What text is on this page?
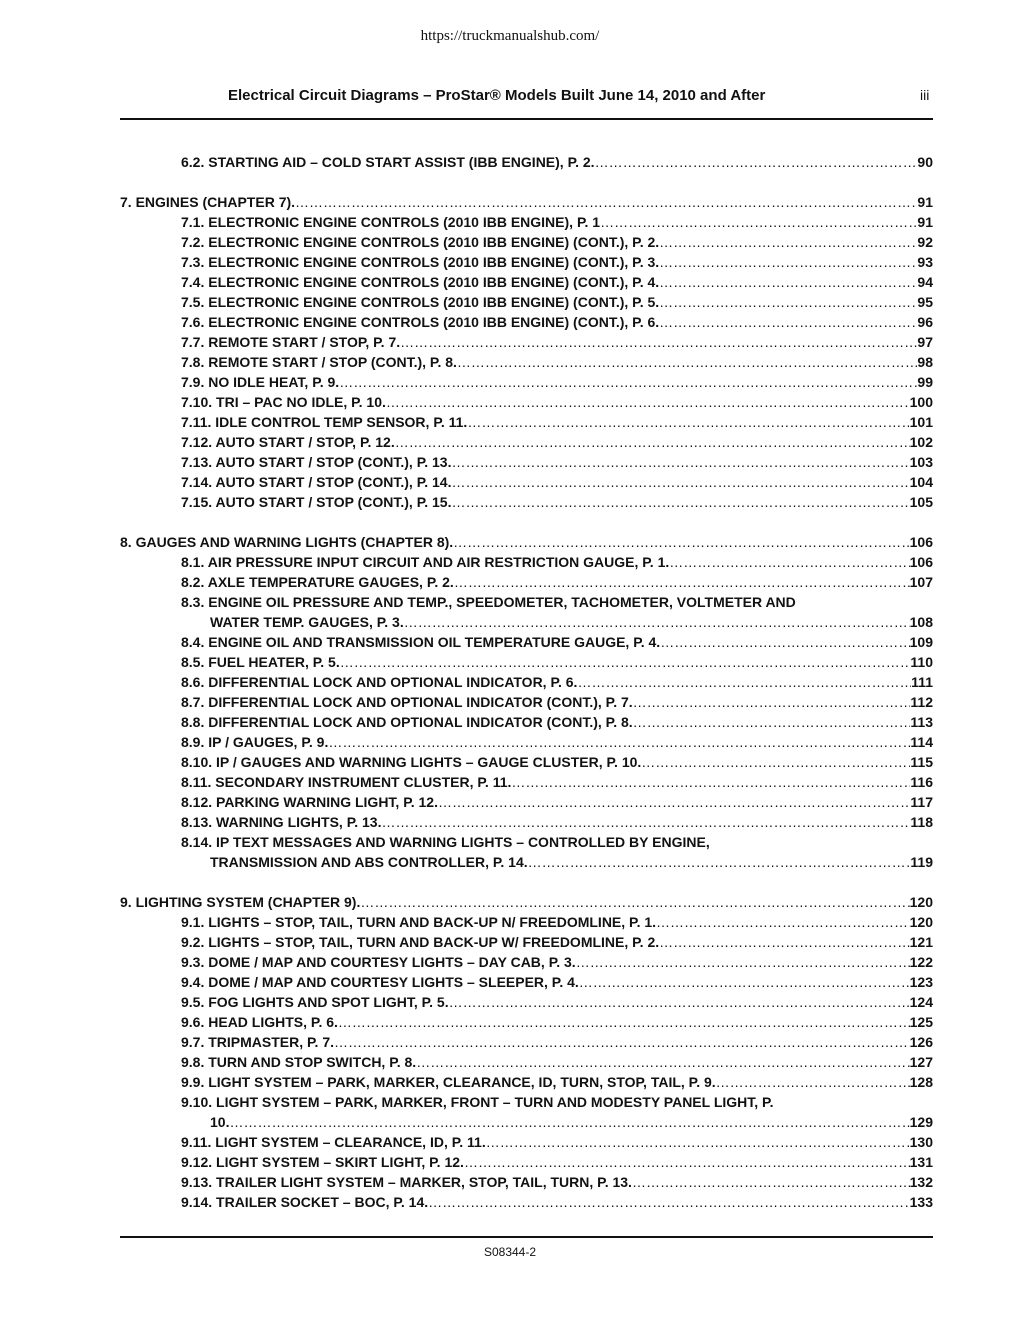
https://truckmanualshub.com/
Electrical Circuit Diagrams – ProStar® Models Built June 14, 2010 and After	iii
6.2. STARTING AID – COLD START ASSIST (IBB ENGINE), P. 2. …………………………………………………………………………………………………………………………………………………………………………………………………………………………………………………………………………	90
7. ENGINES (CHAPTER 7). …………………………………………………………………………………………………………………………………………………………………………………………………………………………………………………………………………	91
7.1. ELECTRONIC ENGINE CONTROLS (2010 IBB ENGINE), P. 1 …………………………………………………………………………………………………………………………………………………………………………………………………………………………………………………………………………	91
7.2. ELECTRONIC ENGINE CONTROLS (2010 IBB ENGINE) (CONT.), P. 2. …………………………………………………………………………………………………………………………………………………………………………………………………………………………………………………………………………	92
7.3. ELECTRONIC ENGINE CONTROLS (2010 IBB ENGINE) (CONT.), P. 3. …………………………………………………………………………………………………………………………………………………………………………………………………………………………………………………………………………	93
7.4. ELECTRONIC ENGINE CONTROLS (2010 IBB ENGINE) (CONT.), P. 4. …………………………………………………………………………………………………………………………………………………………………………………………………………………………………………………………………………	94
7.5. ELECTRONIC ENGINE CONTROLS (2010 IBB ENGINE) (CONT.), P. 5. …………………………………………………………………………………………………………………………………………………………………………………………………………………………………………………………………………	95
7.6. ELECTRONIC ENGINE CONTROLS (2010 IBB ENGINE) (CONT.), P. 6. …………………………………………………………………………………………………………………………………………………………………………………………………………………………………………………………………………	96
7.7. REMOTE START / STOP, P. 7. …………………………………………………………………………………………………………………………………………………………………………………………………………………………………………………………………………	97
7.8. REMOTE START / STOP (CONT.), P. 8. …………………………………………………………………………………………………………………………………………………………………………………………………………………………………………………………………………	98
7.9. NO IDLE HEAT, P. 9. …………………………………………………………………………………………………………………………………………………………………………………………………………………………………………………………………………	99
7.10. TRI – PAC NO IDLE, P. 10. …………………………………………………………………………………………………………………………………………………………………………………………………………………………………………………………………………	100
7.11. IDLE CONTROL TEMP SENSOR, P. 11. …………………………………………………………………………………………………………………………………………………………………………………………………………………………………………………………………………	101
7.12. AUTO START / STOP, P. 12. …………………………………………………………………………………………………………………………………………………………………………………………………………………………………………………………………………	102
7.13. AUTO START / STOP (CONT.), P. 13. …………………………………………………………………………………………………………………………………………………………………………………………………………………………………………………………………………	103
7.14. AUTO START / STOP (CONT.), P. 14. …………………………………………………………………………………………………………………………………………………………………………………………………………………………………………………………………………	104
7.15. AUTO START / STOP (CONT.), P. 15. …………………………………………………………………………………………………………………………………………………………………………………………………………………………………………………………………………	105
8. GAUGES AND WARNING LIGHTS (CHAPTER 8). …………………………………………………………………………………………………………………………………………………………………………………………………………………………………………………………………………	106
8.1. AIR PRESSURE INPUT CIRCUIT AND AIR RESTRICTION GAUGE, P. 1. …………………………………………………………………………………………………………………………………………………………………………………………………………………………………………………………………………	106
8.2. AXLE TEMPERATURE GAUGES, P. 2. …………………………………………………………………………………………………………………………………………………………………………………………………………………………………………………………………………	107
8.3. ENGINE OIL PRESSURE AND TEMP., SPEEDOMETER, TACHOMETER, VOLTMETER AND
WATER TEMP. GAUGES, P. 3. …………………………………………………………………………………………………………………………………………………………………………………………………………………………………………………………………………	108
8.4. ENGINE OIL AND TRANSMISSION OIL TEMPERATURE GAUGE, P. 4. …………………………………………………………………………………………………………………………………………………………………………………………………………………………………………………………………………	109
8.5. FUEL HEATER, P. 5. …………………………………………………………………………………………………………………………………………………………………………………………………………………………………………………………………………	110
8.6. DIFFERENTIAL LOCK AND OPTIONAL INDICATOR, P. 6. …………………………………………………………………………………………………………………………………………………………………………………………………………………………………………………………………………	111
8.7. DIFFERENTIAL LOCK AND OPTIONAL INDICATOR (CONT.), P. 7. …………………………………………………………………………………………………………………………………………………………………………………………………………………………………………………………………………	112
8.8. DIFFERENTIAL LOCK AND OPTIONAL INDICATOR (CONT.), P. 8. …………………………………………………………………………………………………………………………………………………………………………………………………………………………………………………………………………	113
8.9. IP / GAUGES, P. 9. …………………………………………………………………………………………………………………………………………………………………………………………………………………………………………………………………………	114
8.10. IP / GAUGES AND WARNING LIGHTS – GAUGE CLUSTER, P. 10. …………………………………………………………………………………………………………………………………………………………………………………………………………………………………………………………………………	115
8.11. SECONDARY INSTRUMENT CLUSTER, P. 11. …………………………………………………………………………………………………………………………………………………………………………………………………………………………………………………………………………	116
8.12. PARKING WARNING LIGHT, P. 12. …………………………………………………………………………………………………………………………………………………………………………………………………………………………………………………………………………	117
8.13. WARNING LIGHTS, P. 13. …………………………………………………………………………………………………………………………………………………………………………………………………………………………………………………………………………	118
8.14. IP TEXT MESSAGES AND WARNING LIGHTS – CONTROLLED BY ENGINE,
TRANSMISSION AND ABS CONTROLLER, P. 14. …………………………………………………………………………………………………………………………………………………………………………………………………………………………………………………………………………	119
9. LIGHTING SYSTEM (CHAPTER 9). …………………………………………………………………………………………………………………………………………………………………………………………………………………………………………………………………………	120
9.1. LIGHTS – STOP, TAIL, TURN AND BACK-UP N/ FREEDOMLINE, P. 1. …………………………………………………………………………………………………………………………………………………………………………………………………………………………………………………………………………	120
9.2. LIGHTS – STOP, TAIL, TURN AND BACK-UP W/ FREEDOMLINE, P. 2. …………………………………………………………………………………………………………………………………………………………………………………………………………………………………………………………………………	121
9.3. DOME / MAP AND COURTESY LIGHTS – DAY CAB, P. 3. …………………………………………………………………………………………………………………………………………………………………………………………………………………………………………………………………………	122
9.4. DOME / MAP AND COURTESY LIGHTS – SLEEPER, P. 4. …………………………………………………………………………………………………………………………………………………………………………………………………………………………………………………………………………	123
9.5. FOG LIGHTS AND SPOT LIGHT, P. 5. …………………………………………………………………………………………………………………………………………………………………………………………………………………………………………………………………………	124
9.6. HEAD LIGHTS, P. 6. …………………………………………………………………………………………………………………………………………………………………………………………………………………………………………………………………………	125
9.7. TRIPMASTER, P. 7. …………………………………………………………………………………………………………………………………………………………………………………………………………………………………………………………………………	126
9.8. TURN AND STOP SWITCH, P. 8. …………………………………………………………………………………………………………………………………………………………………………………………………………………………………………………………………………	127
9.9. LIGHT SYSTEM – PARK, MARKER, CLEARANCE, ID, TURN, STOP, TAIL, P. 9. …………………………………………………………………………………………………………………………………………………………………………………………………………………………………………………………………………	128
9.10. LIGHT SYSTEM – PARK, MARKER, FRONT – TURN AND MODESTY PANEL LIGHT, P.
10. …………………………………………………………………………………………………………………………………………………………………………………………………………………………………………………………………………	129
9.11. LIGHT SYSTEM – CLEARANCE, ID, P. 11. …………………………………………………………………………………………………………………………………………………………………………………………………………………………………………………………………………	130
9.12. LIGHT SYSTEM – SKIRT LIGHT, P. 12. …………………………………………………………………………………………………………………………………………………………………………………………………………………………………………………………………………	131
9.13. TRAILER LIGHT SYSTEM – MARKER, STOP, TAIL, TURN, P. 13. …………………………………………………………………………………………………………………………………………………………………………………………………………………………………………………………………………	132
9.14. TRAILER SOCKET – BOC, P. 14. …………………………………………………………………………………………………………………………………………………………………………………………………………………………………………………………………………	133
S08344-2
